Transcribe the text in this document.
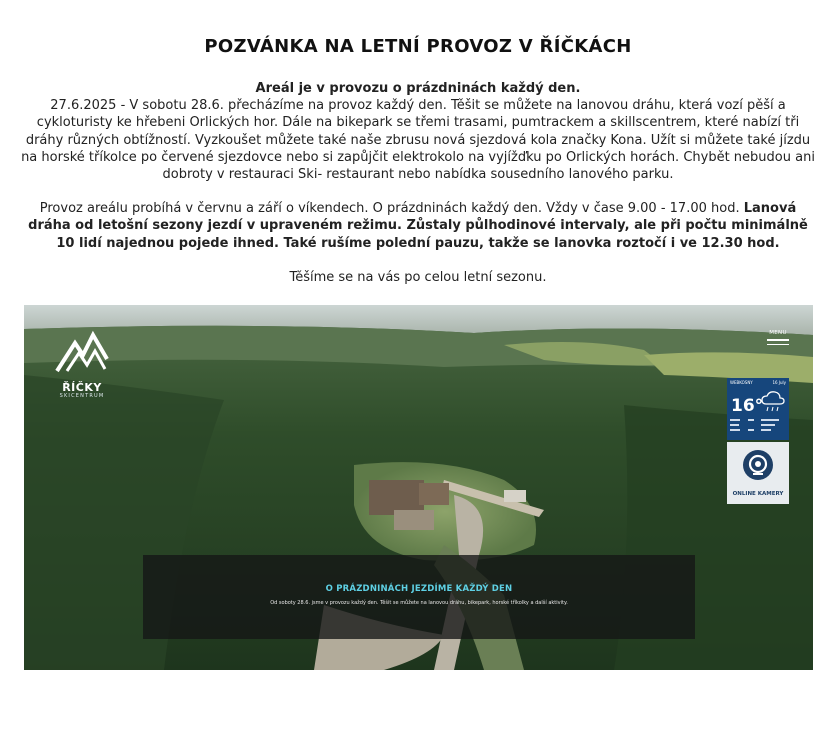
POZVÁNKA NA LETNÍ PROVOZ V ŘÍČKÁCH

Areál je v provozu o prázdninách každý den.
27.6.2025 - V sobotu 28.6. přecházíme na provoz každý den. Těšit se můžete na lanovou dráhu, která vozí pěší a cykloturisty ke hřebeni Orlických hor. Dále na bikepark se třemi trasami, pumtrackem a skillscentrem, které nabízí tři dráhy různých obtížností. Vyzkoušet můžete také naše zbrusu nová sjezdová kola značky Kona. Užít si můžete také jízdu na horské tříkolce po červené sjezdovce nebo si zapůjčit elektrokolo na vyjížďku po Orlických horách. Chybět nebudou ani dobroty v restauraci Ski- restaurant nebo nabídka sousedního lanového parku.

Provoz areálu probíhá v červnu a září o víkendech. O prázdninách každý den. Vždy v čase 9.00 - 17.00 hod. Lanová dráha od letošní sezony jezdí v upraveném režimu. Zůstaly půlhodinové intervaly, ale při počtu minimálně 10 lidí najednou pojede ihned. Také rušíme polední pauzu, takže se lanovka roztočí i ve 12.30 hod.

Těšíme se na vás po celou letní sezonu.

ŘÍČKY
SKICENTRUM
MENU
WEBKOSNY	16 July
16°
ONLINE KAMERY
O PRÁZDNINÁCH JEZDÍME KAŽDÝ DEN
Od soboty 28.6. jsme v provozu každý den. Těšit se můžete na lanovou dráhu, bikepark, horské tříkolky a další aktivity.
